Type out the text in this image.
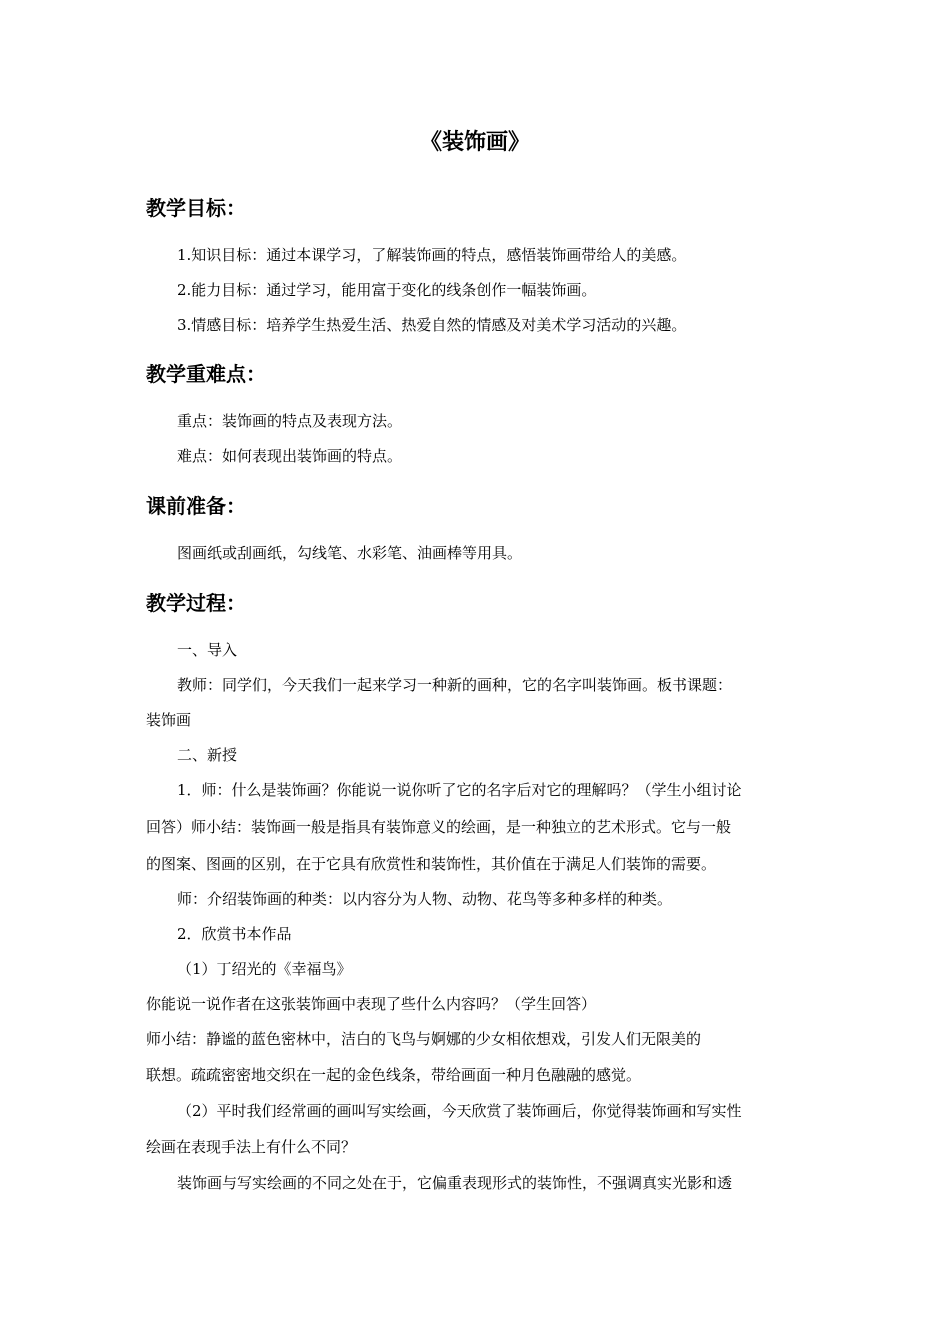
《装饰画》
教学目标：
1.知识目标：通过本课学习，了解装饰画的特点，感悟装饰画带给人的美感。
2.能力目标：通过学习，能用富于变化的线条创作一幅装饰画。
3.情感目标：培养学生热爱生活、热爱自然的情感及对美术学习活动的兴趣。
教学重难点：
重点：装饰画的特点及表现方法。
难点：如何表现出装饰画的特点。
课前准备：
图画纸或刮画纸，勾线笔、水彩笔、油画棒等用具。
教学过程：
一、导入
教师：同学们，今天我们一起来学习一种新的画种，它的名字叫装饰画。板书课题：
装饰画
二、新授
1．师：什么是装饰画？你能说一说你听了它的名字后对它的理解吗？（学生小组讨论
回答）师小结：装饰画一般是指具有装饰意义的绘画，是一种独立的艺术形式。它与一般
的图案、图画的区别，在于它具有欣赏性和装饰性，其价值在于满足人们装饰的需要。
师：介绍装饰画的种类：以内容分为人物、动物、花鸟等多种多样的种类。
2．欣赏书本作品
（1）丁绍光的《幸福鸟》
你能说一说作者在这张装饰画中表现了些什么内容吗？（学生回答）
师小结：静谧的蓝色密林中，洁白的飞鸟与婀娜的少女相依想戏，引发人们无限美的
联想。疏疏密密地交织在一起的金色线条，带给画面一种月色融融的感觉。
（2）平时我们经常画的画叫写实绘画，今天欣赏了装饰画后，你觉得装饰画和写实性
绘画在表现手法上有什么不同？
装饰画与写实绘画的不同之处在于，它偏重表现形式的装饰性，不强调真实光影和透
